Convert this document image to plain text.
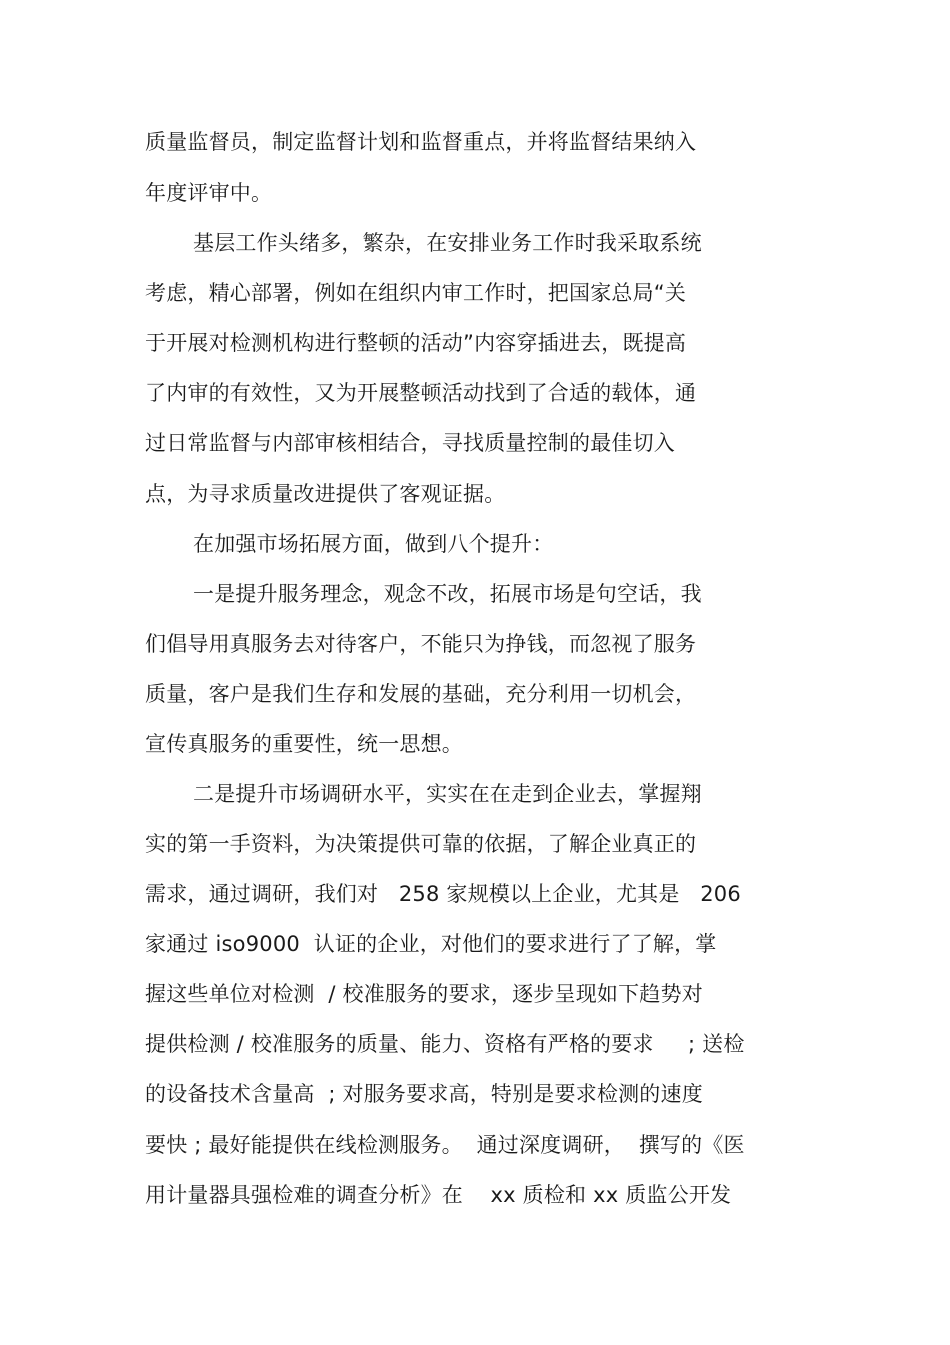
质量监督员，制定监督计划和监督重点，并将监督结果纳入
年度评审中。
基层工作头绪多，繁杂，在安排业务工作时我采取系统
考虑，精心部署，例如在组织内审工作时，把国家总局“关
于开展对检测机构进行整顿的活动”内容穿插进去，既提高
了内审的有效性，又为开展整顿活动找到了合适的载体，通
过日常监督与内部审核相结合，寻找质量控制的最佳切入
点，为寻求质量改进提供了客观证据。
在加强市场拓展方面，做到八个提升：
一是提升服务理念，观念不改，拓展市场是句空话，我
们倡导用真服务去对待客户，不能只为挣钱，而忽视了服务
质量，客户是我们生存和发展的基础，充分利用一切机会，
宣传真服务的重要性，统一思想。
二是提升市场调研水平，实实在在走到企业去，掌握翔
实的第一手资料，为决策提供可靠的依据，了解企业真正的
需求，通过调研，我们对   258 家规模以上企业，尤其是   206
家通过 iso9000  认证的企业，对他们的要求进行了了解，掌
握这些单位对检测  / 校准服务的要求，逐步呈现如下趋势对
提供检测 / 校准服务的质量、能力、资格有严格的要求     ; 送检
的设备技术含量高  ; 对服务要求高，特别是要求检测的速度
要快 ; 最好能提供在线检测服务。  通过深度调研，  撰写的《医
用计量器具强检难的调查分析》在    xx 质检和 xx 质监公开发
